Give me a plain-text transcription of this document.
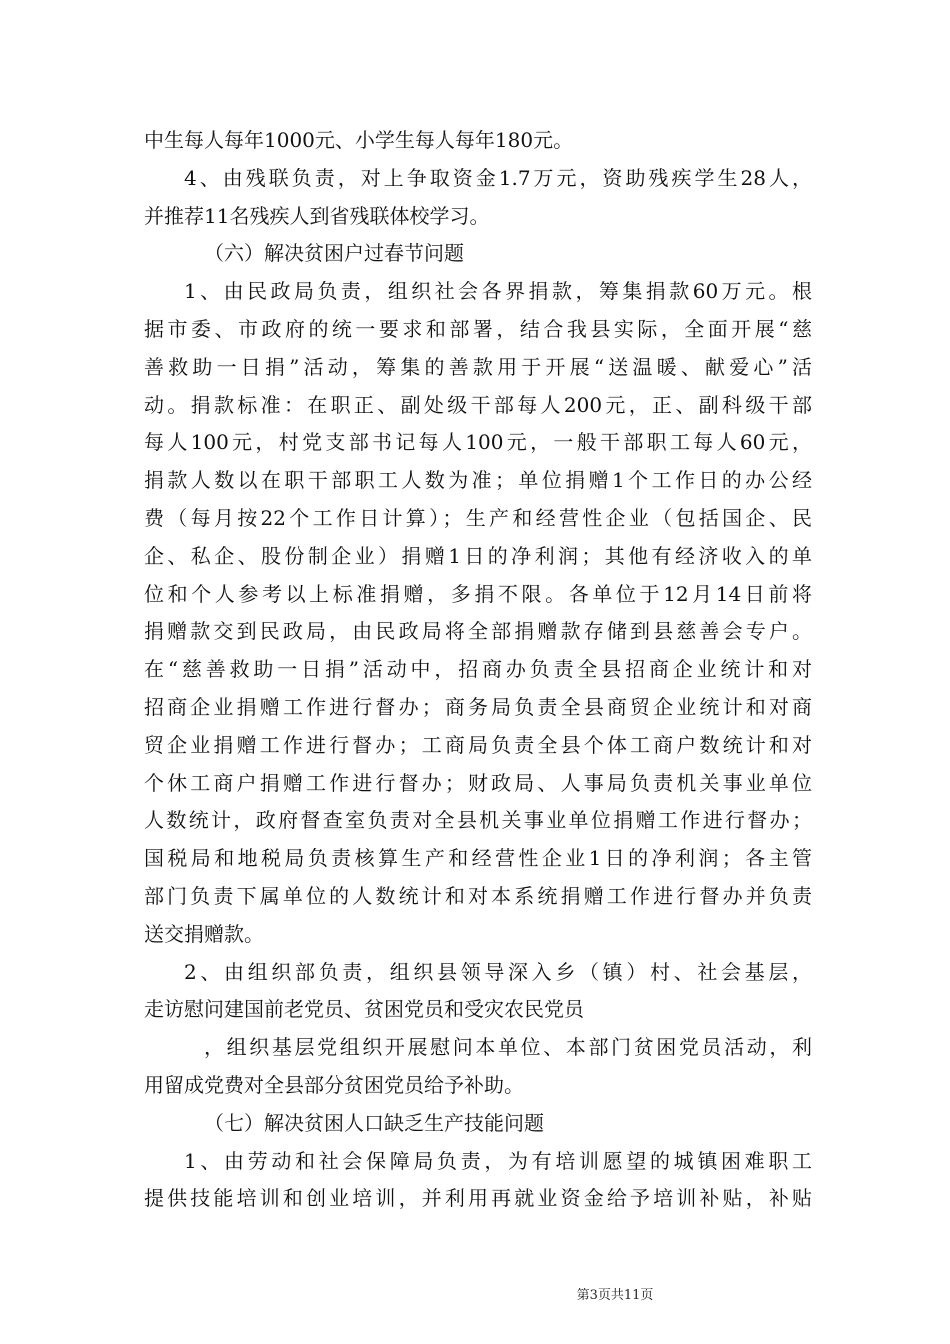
中生每人每年1000元、小学生每人每年180元。
4、由残联负责，对上争取资金1.7万元，资助残疾学生28人，
并推荐11名残疾人到省残联体校学习。
（六）解决贫困户过春节问题
1、由民政局负责，组织社会各界捐款，筹集捐款60万元。根
据市委、市政府的统一要求和部署，结合我县实际，全面开展“慈
善救助一日捐”活动，筹集的善款用于开展“送温暖、献爱心”活
动。捐款标准：在职正、副处级干部每人200元，正、副科级干部
每人100元，村党支部书记每人100元，一般干部职工每人60元，
捐款人数以在职干部职工人数为准；单位捐赠1个工作日的办公经
费（每月按22个工作日计算）；生产和经营性企业（包括国企、民
企、私企、股份制企业）捐赠1日的净利润；其他有经济收入的单
位和个人参考以上标准捐赠，多捐不限。各单位于12月14日前将
捐赠款交到民政局，由民政局将全部捐赠款存储到县慈善会专户。
在“慈善救助一日捐”活动中，招商办负责全县招商企业统计和对
招商企业捐赠工作进行督办；商务局负责全县商贸企业统计和对商
贸企业捐赠工作进行督办；工商局负责全县个体工商户数统计和对
个休工商户捐赠工作进行督办；财政局、人事局负责机关事业单位
人数统计，政府督查室负责对全县机关事业单位捐赠工作进行督办；
国税局和地税局负责核算生产和经营性企业1日的净利润；各主管
部门负责下属单位的人数统计和对本系统捐赠工作进行督办并负责
送交捐赠款。
2、由组织部负责，组织县领导深入乡（镇）村、社会基层，
走访慰问建国前老党员、贫困党员和受灾农民党员
，组织基层党组织开展慰问本单位、本部门贫困党员活动，利
用留成党费对全县部分贫困党员给予补助。
（七）解决贫困人口缺乏生产技能问题
1、由劳动和社会保障局负责，为有培训愿望的城镇困难职工
提供技能培训和创业培训，并利用再就业资金给予培训补贴，补贴
第3页共11页
